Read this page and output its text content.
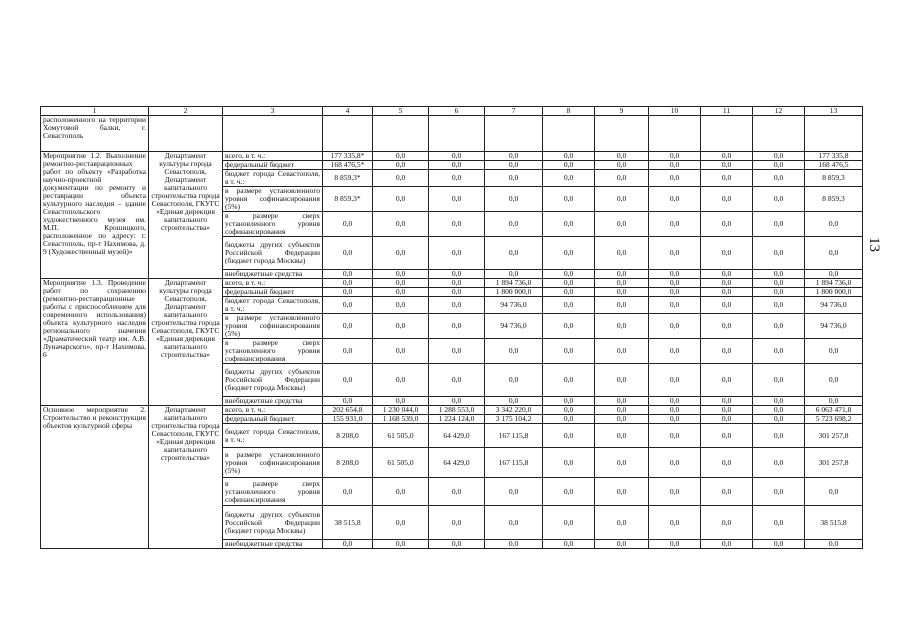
13
1	2	3	4	5	6	7	8	9	10	11	12	13
расположенного на территории Хомутовой балки, г. Севастополь												
Мероприятие 1.2. Выполнение ремонтно-реставрационных работ по объекту «Разработка научно-проектной документации по ремонту и реставрации объекта культурного наследия – здание Севастопольского художественного музея им. М.П. Крошицкого, расположенное по адресу: г. Севастополь, пр-т Нахимова, д. 9 (Художественный музей)»	Департамент культуры города Севастополя, Департамент капитального строительства города Севастополя, ГКУГС «Единая дирекция капитального строительства»	всего, в т. ч.:	177 335,8*	0,0	0,0	0,0	0,0	0,0	0,0	0,0	0,0	177 335,8
		федеральный бюджет	168 476,5*	0,0	0,0	0,0	0,0	0,0	0,0	0,0	0,0	168 476,5
		бюджет города Севастополя, в т. ч.:	8 859,3*	0,0	0,0	0,0	0,0	0,0	0,0	0,0	0,0	8 859,3
		в размере установленного уровня софинансирования (5%)	8 859,3*	0,0	0,0	0,0	0,0	0,0	0,0	0,0	0,0	8 859,3
		в размере сверх установленного уровня софинансирования	0,0	0,0	0,0	0,0	0,0	0,0	0,0	0,0	0,0	0,0
		бюджеты других субъектов Российской Федерации (бюджет города Москвы)	0,0	0,0	0,0	0,0	0,0	0,0	0,0	0,0	0,0	0,0
		внебюджетные средства	0,0	0,0	0,0	0,0	0,0	0,0	0,0	0,0	0,0	0,0
Мероприятие 1.3. Проведение работ по сохранению (ремонтно-реставрационные работы с приспособлением для современного использования) объекта культурного наследия регионального значения «Драматический театр им. А.В. Луначарского», пр-т Нахимова, 6	Департамент культуры города Севастополя, Департамент капитального строительства города Севастополя, ГКУГС «Единая дирекция капитального строительства»	всего, в т. ч.:	0,0	0,0	0,0	1 894 736,0	0,0	0,0	0,0	0,0	0,0	1 894 736,0
		федеральный бюджет	0,0	0,0	0,0	1 800 000,0	0,0	0,0	0,0	0,0	0,0	1 800 000,0
		бюджет города Севастополя, в т. ч.:	0,0	0,0	0,0	94 736,0	0,0	0,0	0,0	0,0	0,0	94 736,0
		в размере установленного уровня софинансирования (5%)	0,0	0,0	0,0	94 736,0	0,0	0,0	0,0	0,0	0,0	94 736,0
		в размере сверх установленного уровня софинансирования	0,0	0,0	0,0	0,0	0,0	0,0	0,0	0,0	0,0	0,0
		бюджеты других субъектов Российской Федерации (бюджет города Москвы)	0,0	0,0	0,0	0,0	0,0	0,0	0,0	0,0	0,0	0,0
		внебюджетные средства	0,0	0,0	0,0	0,0	0,0	0,0	0,0	0,0	0,0	0,0
Основное мероприятие 2. Строительство и реконструкция объектов культурной сферы	Департамент капитального строительства города Севастополя, ГКУГС «Единая дирекция капитального строительства»	всего, в т. ч.:	202 654,8	1 230 044,0	1 288 553,0	3 342 220,0	0,0	0,0	0,0	0,0	0,0	6 063 471,8
		федеральный бюджет	155 931,0	1 168 539,0	1 224 124,0	3 175 104,2	0,0	0,0	0,0	0,0	0,0	5 723 698,2
		бюджет города Севастополя, в т. ч.:	8 208,0	61 505,0	64 429,0	167 115,8	0,0	0,0	0,0	0,0	0,0	301 257,8
		в размере установленного уровня софинансирования (5%)	8 208,0	61 505,0	64 429,0	167 115,8	0,0	0,0	0,0	0,0	0,0	301 257,8
		в размере сверх установленного уровня софинансирования	0,0	0,0	0,0	0,0	0,0	0,0	0,0	0,0	0,0	0,0
		бюджеты других субъектов Российской Федерации (бюджет города Москвы)	38 515,8	0,0	0,0	0,0	0,0	0,0	0,0	0,0	0,0	38 515,8
		внебюджетные средства	0,0	0,0	0,0	0,0	0,0	0,0	0,0	0,0	0,0	0,0
